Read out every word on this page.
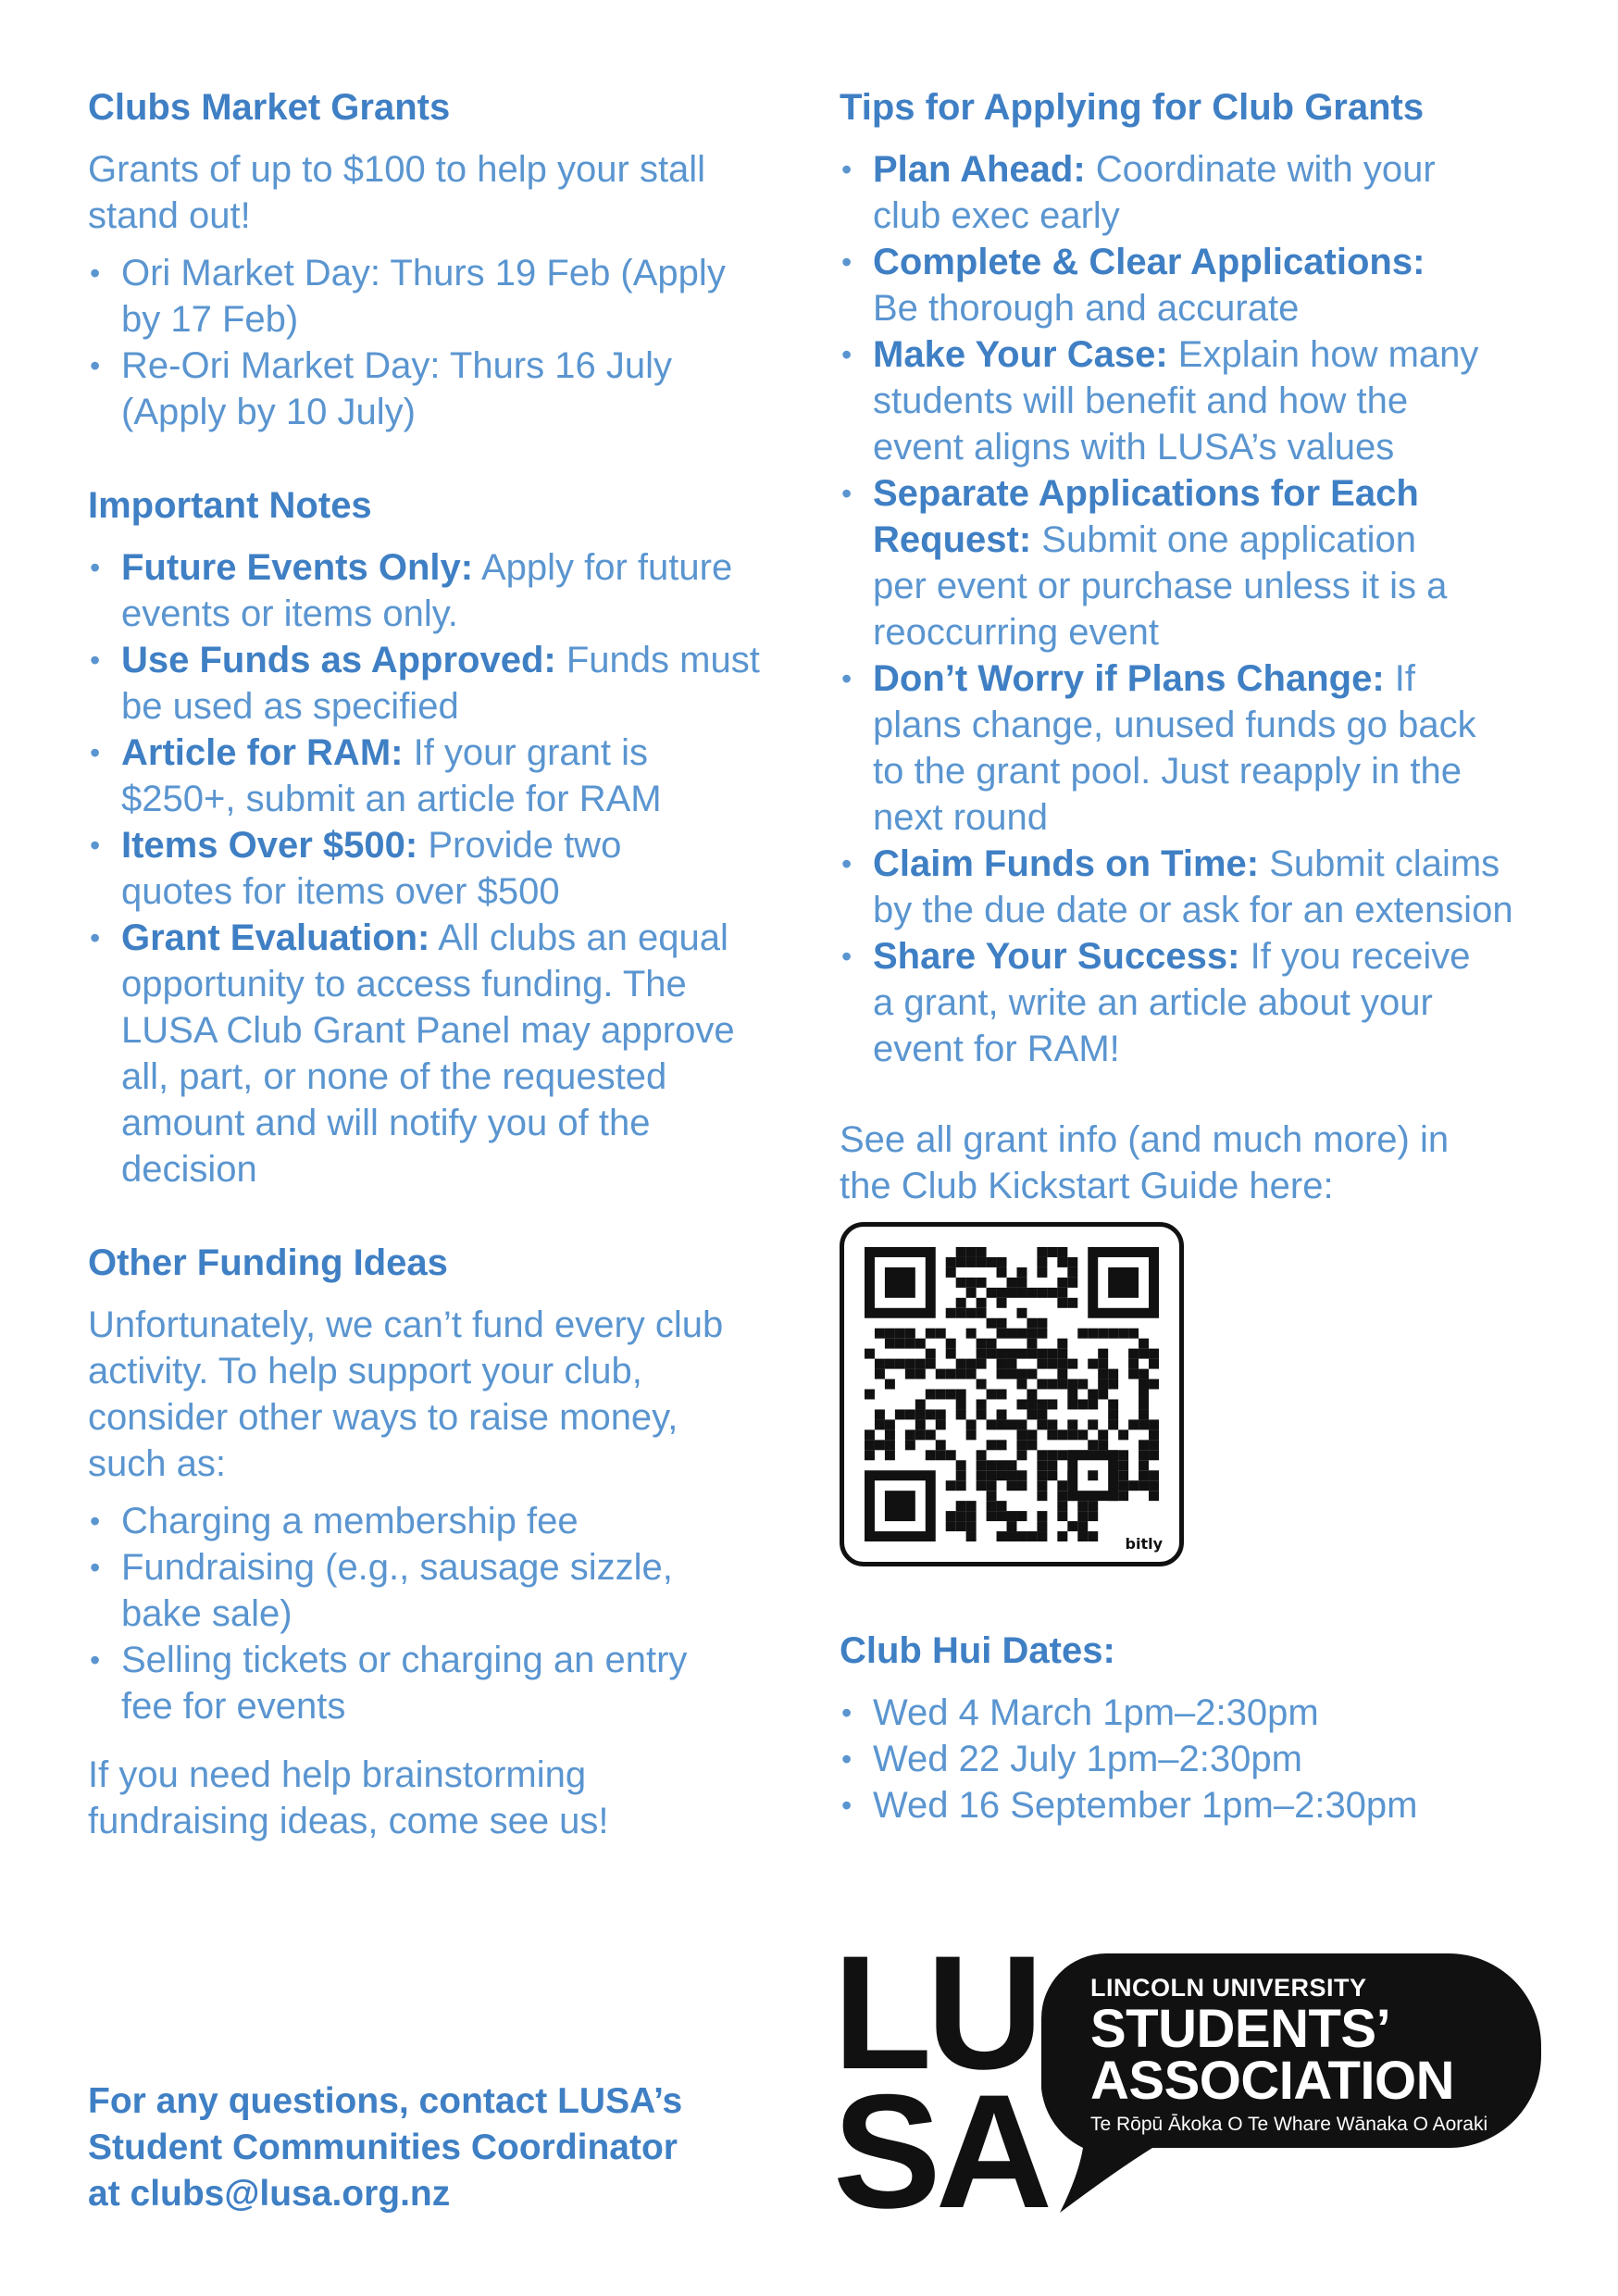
Clubs Market Grants

Grants of up to $100 to help your stall
stand out!

• Ori Market Day: Thurs 19 Feb (Apply
by 17 Feb)
• Re-Ori Market Day: Thurs 16 July
(Apply by 10 July)
Important Notes
• Future Events Only: Apply for future
events or items only.
• Use Funds as Approved: Funds must
be used as specified
• Article for RAM: If your grant is
$250+, submit an article for RAM
• Items Over $500: Provide two
quotes for items over $500
• Grant Evaluation: All clubs an equal
opportunity to access funding. The
LUSA Club Grant Panel may approve
all, part, or none of the requested
amount and will notify you of the
decision
Other Funding Ideas

Unfortunately, we can’t fund every club
activity. To help support your club,
consider other ways to raise money,
such as:

• Charging a membership fee
• Fundraising (e.g., sausage sizzle,
bake sale)
• Selling tickets or charging an entry
fee for events

If you need help brainstorming
fundraising ideas, come see us!

Tips for Applying for Club Grants
• Plan Ahead: Coordinate with your
club exec early
• Complete & Clear Applications:
Be thorough and accurate
• Make Your Case: Explain how many
students will benefit and how the
event aligns with LUSA’s values
• Separate Applications for Each
Request: Submit one application
per event or purchase unless it is a
reoccurring event
• Don’t Worry if Plans Change: If
plans change, unused funds go back
to the grant pool. Just reapply in the
next round
• Claim Funds on Time: Submit claims
by the due date or ask for an extension
• Share Your Success: If you receive
a grant, write an article about your
event for RAM!

See all grant info (and much more) in
the Club Kickstart Guide here:

bitly
Club Hui Dates:
• Wed 4 March 1pm–2:30pm
• Wed 22 July 1pm–2:30pm
• Wed 16 September 1pm–2:30pm
For any questions, contact LUSA’s
Student Communities Coordinator
at clubs@lusa.org.nz
LU
SA
LINCOLN UNIVERSITY
STUDENTS’
ASSOCIATION
Te Rōpū Ākoka O Te Whare Wānaka O Aoraki
